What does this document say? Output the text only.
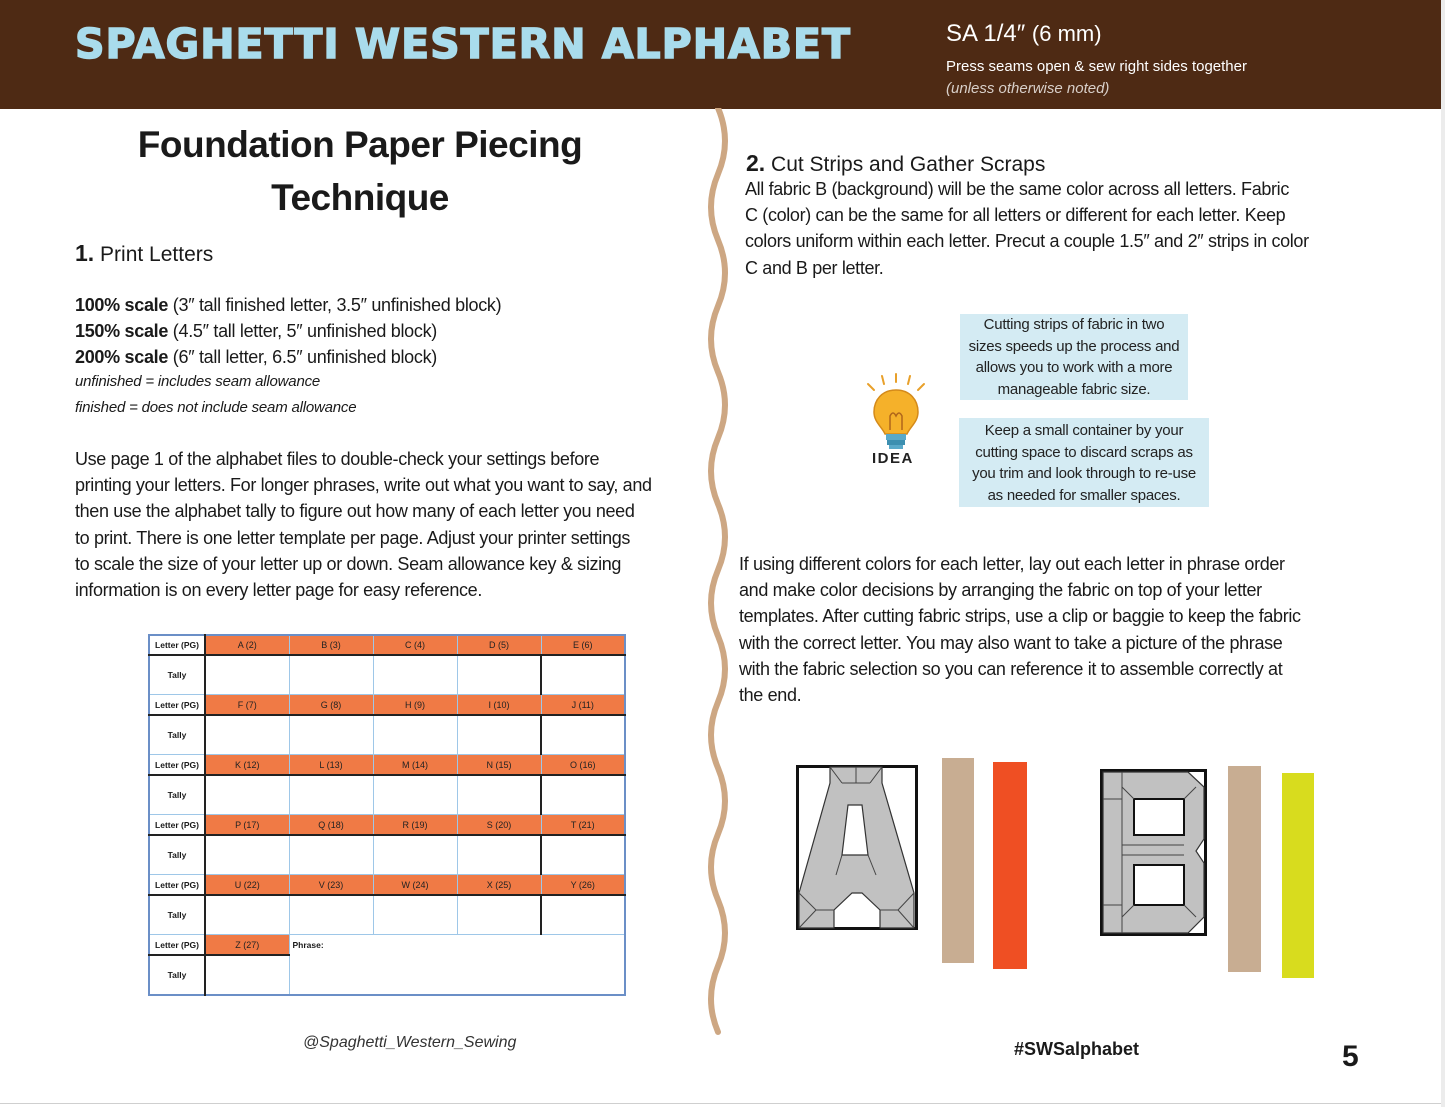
SPAGHETTI WESTERN ALPHABET	SA 1/4″ (6 mm)
Press seams open & sew right sides together
(unless otherwise noted)
Foundation Paper Piecing
Technique
1. Print Letters
100% scale (3″ tall finished letter, 3.5″ unfinished block)
150% scale (4.5″ tall letter, 5″ unfinished block)
200% scale (6″ tall letter, 6.5″ unfinished block)
unfinished = includes seam allowance
finished = does not include seam allowance
Use page 1 of the alphabet files to double-check your settings before
printing your letters. For longer phrases, write out what you want to say, and
then use the alphabet tally to figure out how many of each letter you need
to print. There is one letter template per page. Adjust your printer settings
to scale the size of your letter up or down. Seam allowance key & sizing
information is on every letter page for easy reference.
Letter (PG)	A (2)	B (3)	C (4)	D (5)	E (6)
Tally					
Letter (PG)	F (7)	G (8)	H (9)	I (10)	J (11)
Tally					
Letter (PG)	K (12)	L (13)	M (14)	N (15)	O (16)
Tally					
Letter (PG)	P (17)	Q (18)	R (19)	S (20)	T (21)
Tally					
Letter (PG)	U (22)	V (23)	W (24)	X (25)	Y (26)
Tally					
Letter (PG)	Z (27)	Phrase:			
Tally					
@Spaghetti_Western_Sewing
2. Cut Strips and Gather Scraps
All fabric B (background) will be the same color across all letters. Fabric
C (color) can be the same for all letters or different for each letter. Keep
colors uniform within each letter. Precut a couple 1.5″ and 2″ strips in color
C and B per letter.
Cutting strips of fabric in two
sizes speeds up the process and
allows you to work with a more
manageable fabric size.
Keep a small container by your
cutting space to discard scraps as
you trim and look through to re-use
as needed for smaller spaces.
IDEA
If using different colors for each letter, lay out each letter in phrase order
and make color decisions by arranging the fabric on top of your letter
templates. After cutting fabric strips, use a clip or baggie to keep the fabric
with the correct letter. You may also want to take a picture of the phrase
with the fabric selection so you can reference it to assemble correctly at
the end.
#SWSalphabet	5
